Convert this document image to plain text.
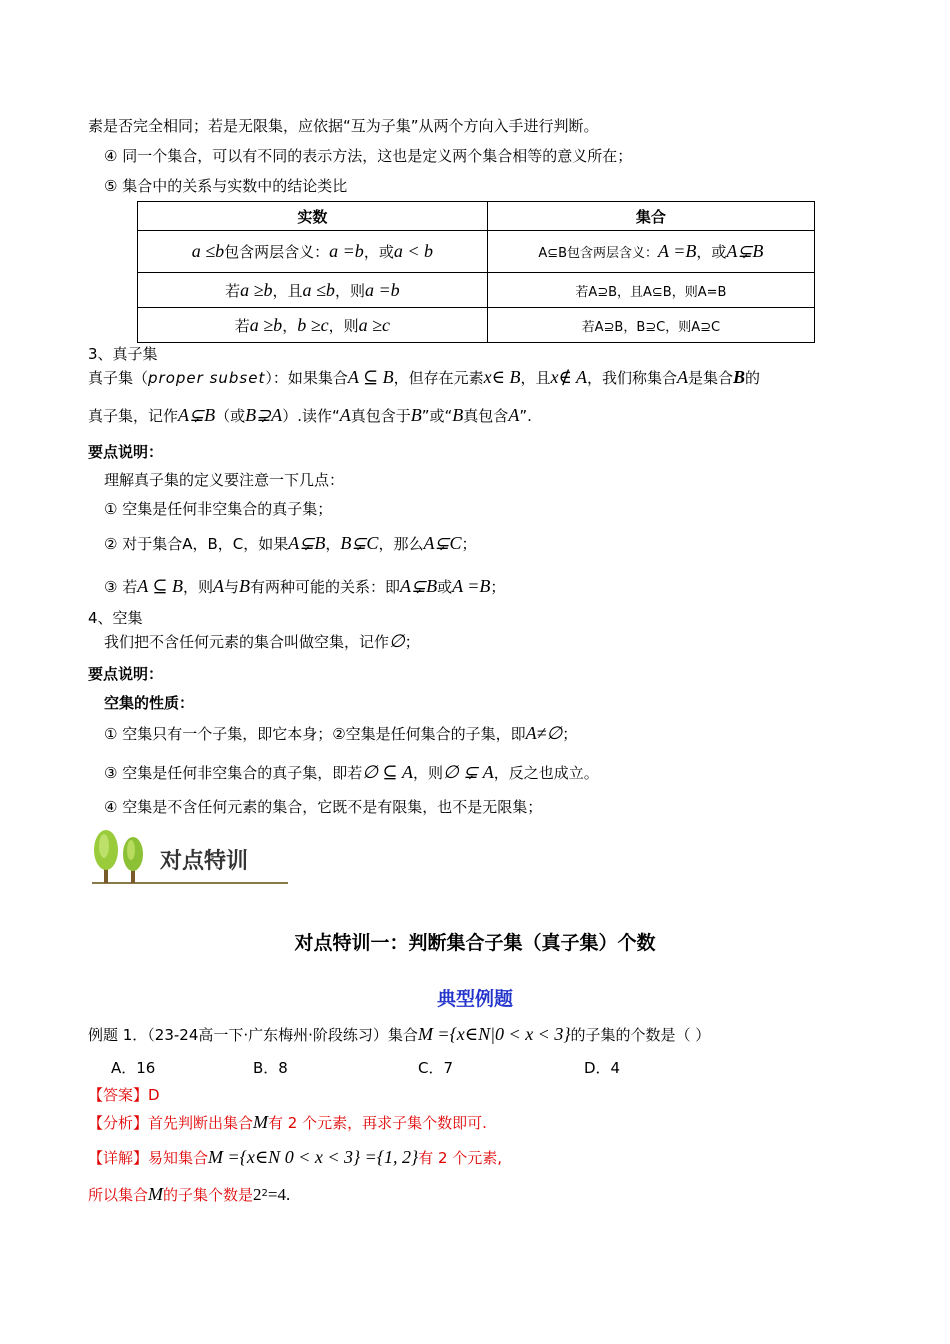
素是否完全相同；若是无限集，应依据“互为子集”从两个方向入手进行判断。
④ 同一个集合，可以有不同的表示方法，这也是定义两个集合相等的意义所在；
⑤ 集合中的关系与实数中的结论类比
实数	集合
a ≤b包含两层含义：a =b，或a < b	A⊆B包含两层含义：A =B，或A⊊B
若a ≥b，且a ≤b，则a =b	若A⊇B，且A⊆B，则A=B
若a ≥b，b ≥c，则a ≥c	若A⊇B，B⊇C，则A⊇C
3、真子集
真子集（proper subset）：如果集合A ⊆ B，但存在元素x∈ B，且x∉ A，我们称集合A是集合B的
真子集，记作A⊊B（或B⊋A）.读作“A真包含于B”或“B真包含A”.
要点说明：
理解真子集的定义要注意一下几点：
① 空集是任何非空集合的真子集；
② 对于集合A，B，C，如果A⊊B，B⊊C，那么A⊊C；
③ 若A ⊆ B，则A与B有两种可能的关系：即A⊊B或A =B；
4、空集
我们把不含任何元素的集合叫做空集，记作∅；
要点说明：
空集的性质：
① 空集只有一个子集，即它本身；②空集是任何集合的子集，即A≠∅；
③ 空集是任何非空集合的真子集，即若∅ ⊆ A，则∅ ⊊ A，反之也成立。
④ 空集是不含任何元素的集合，它既不是有限集，也不是无限集；
对点特训
对点特训一：判断集合子集（真子集）个数
典型例题
例题 1．（23-24高一下·广东梅州·阶段练习）集合M ={x∈N|0 < x < 3}的子集的个数是（ ）
A．16	B．8	C．7	D．4
【答案】D
【分析】首先判断出集合M有 2 个元素，再求子集个数即可.
【详解】易知集合M ={x∈N 0 < x < 3} ={1, 2}有 2 个元素,
所以集合M的子集个数是$2^2=4$.
